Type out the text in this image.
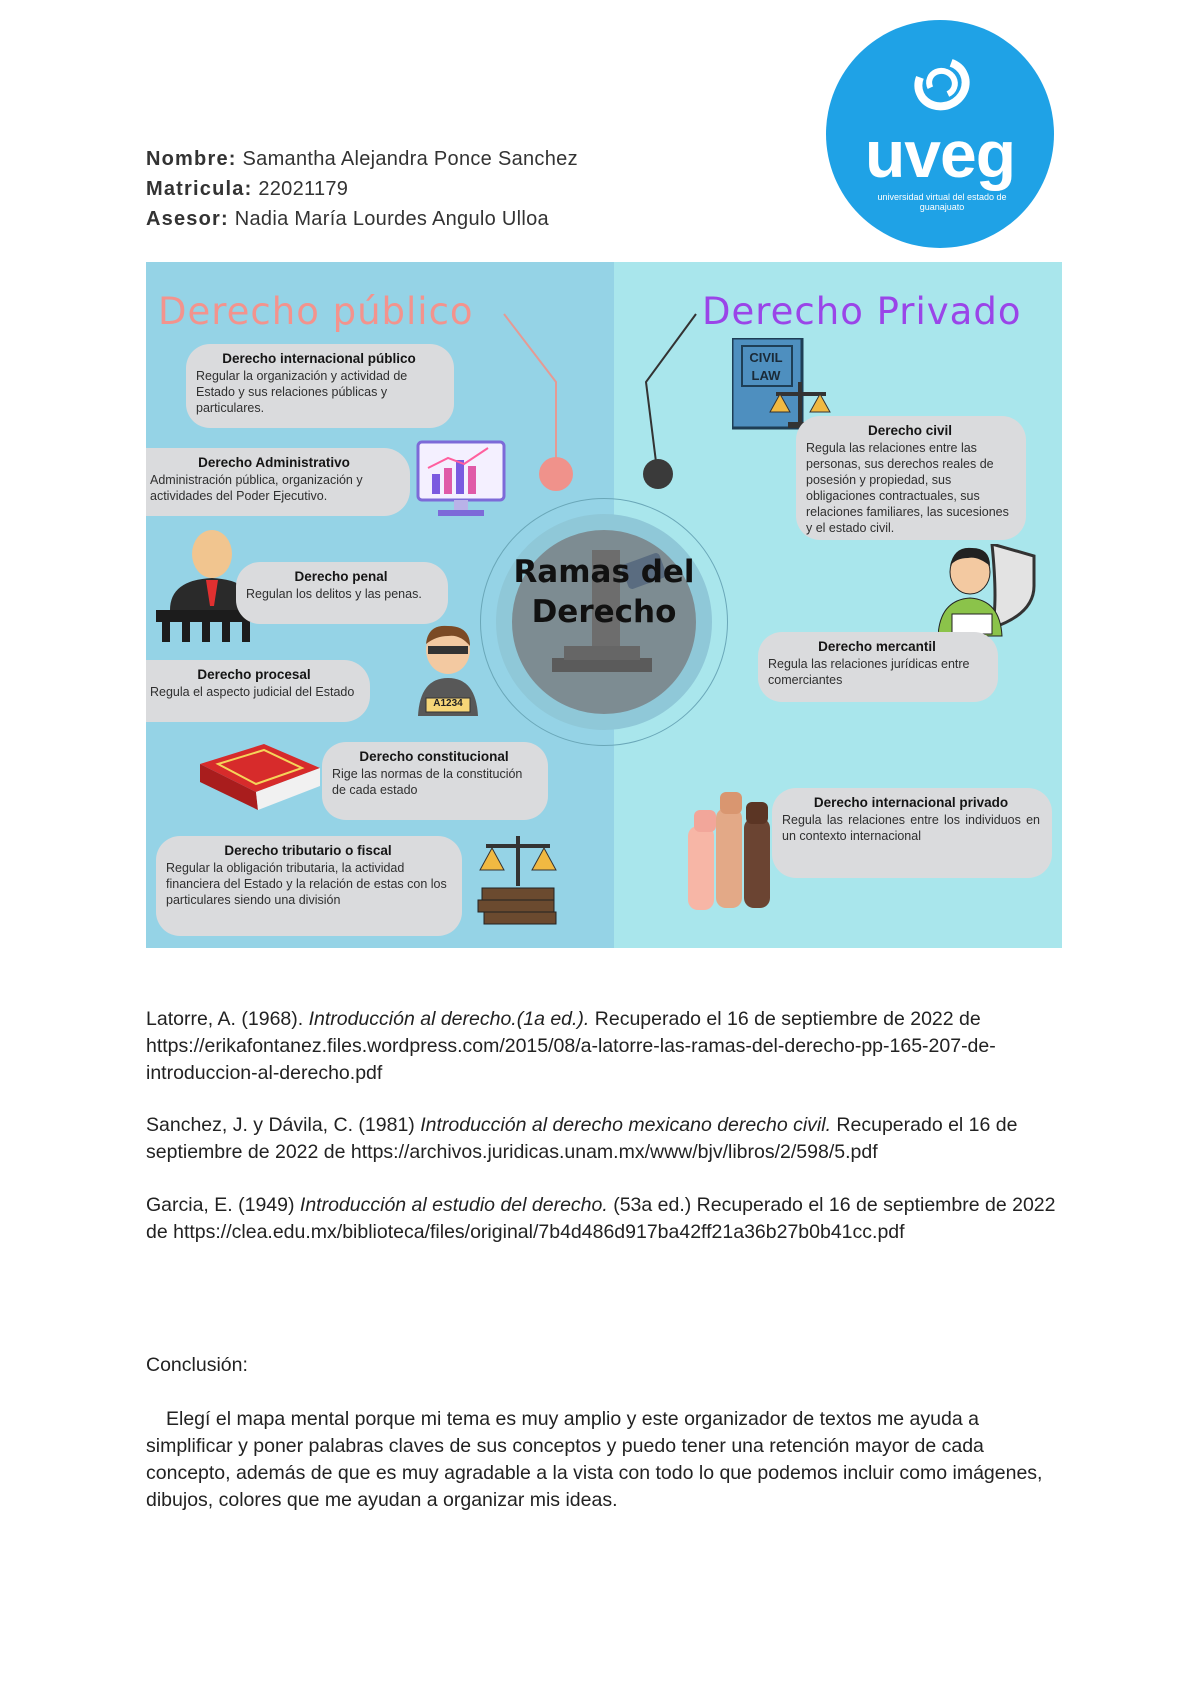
Nombre: Samantha Alejandra Ponce Sanchez
Matricula: 22021179
Asesor: Nadia María Lourdes Angulo Ulloa
uveg
universidad virtual del estado de guanajuato
Derecho público	Derecho Privado
Ramas del Derecho
Derecho internacional público
Regular la organización y actividad de Estado y sus relaciones públicas y particulares.
Derecho Administrativo
Administración pública, organización y actividades del Poder Ejecutivo.
Derecho penal
Regulan los delitos y las penas.
Derecho procesal
Regula el aspecto judicial del Estado
A1234
Derecho constitucional
Rige las normas de la constitución de cada estado
Derecho tributario o fiscal
Regular la obligación tributaria, la actividad financiera del Estado y la relación de estas con los particulares siendo una división
CIVIL
LAW
Derecho civil
Regula las relaciones entre las personas, sus derechos reales de posesión y propiedad, sus obligaciones contractuales, sus relaciones familiares, las sucesiones y el estado civil.
Derecho mercantil
Regula las relaciones jurídicas entre comerciantes
Derecho internacional privado
Regula las relaciones entre los individuos en un contexto internacional
Latorre, A. (1968). Introducción al derecho.(1a ed.). Recuperado el 16 de septiembre de 2022 de https://erikafontanez.files.wordpress.com/2015/08/a-latorre-las-ramas-del-derecho-pp-165-207-de-introduccion-al-derecho.pdf
Sanchez, J. y Dávila, C. (1981) Introducción al derecho mexicano derecho civil. Recuperado el 16 de septiembre de 2022 de https://archivos.juridicas.unam.mx/www/bjv/libros/2/598/5.pdf
Garcia, E. (1949) Introducción al estudio del derecho. (53a ed.) Recuperado el 16 de septiembre de 2022 de https://clea.edu.mx/biblioteca/files/original/7b4d486d917ba42ff21a36b27b0b41cc.pdf
Conclusión:
Elegí el mapa mental porque mi tema es muy amplio y este organizador de textos me ayuda a simplificar y poner palabras claves de sus conceptos y puedo tener una retención mayor de cada concepto, además de que es muy agradable a la vista con todo lo que podemos incluir como imágenes, dibujos, colores que me ayudan a organizar mis ideas.
